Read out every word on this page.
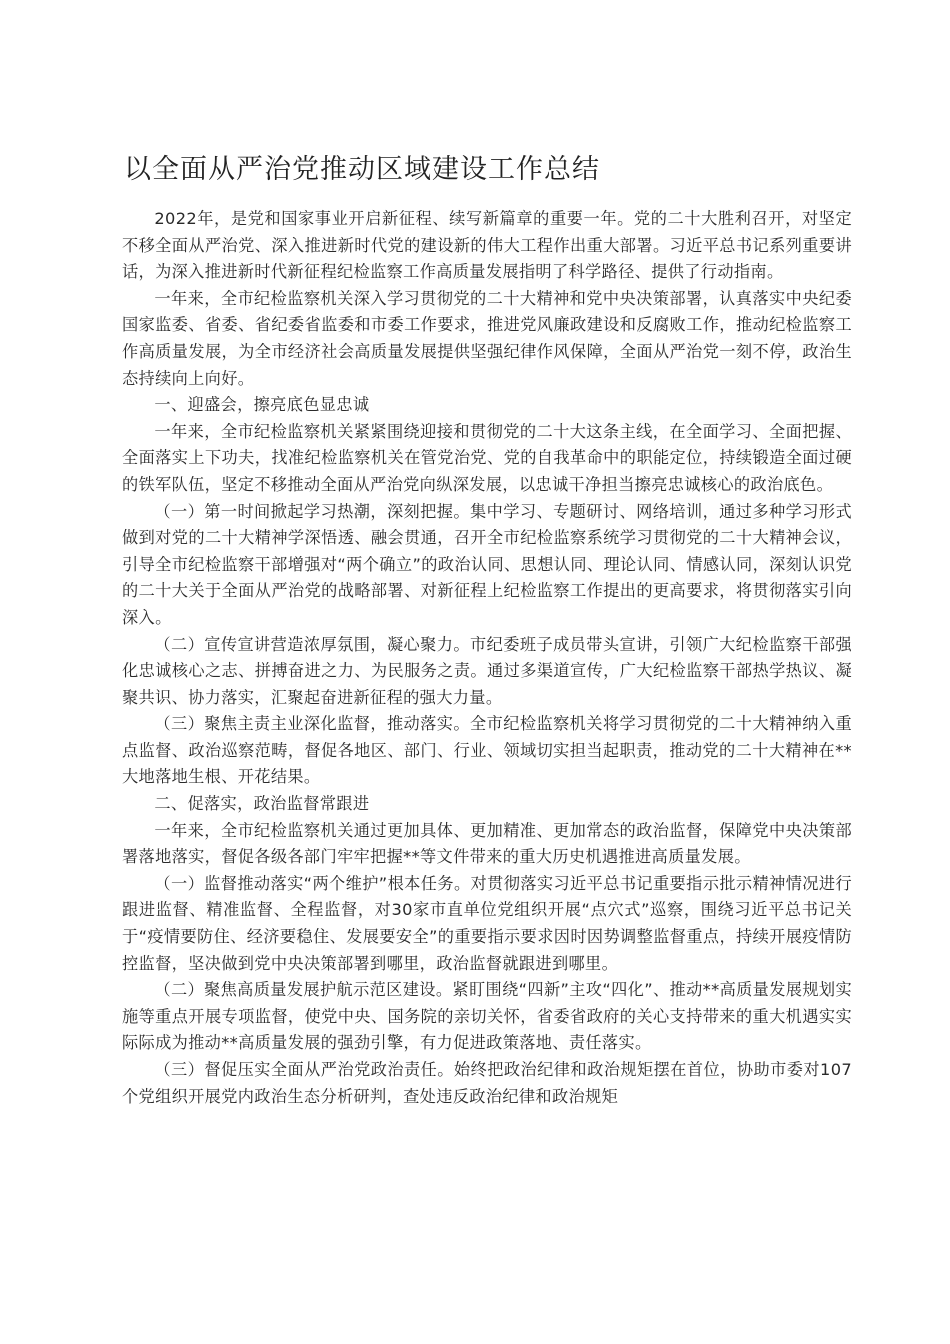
以全面从严治党推动区域建设工作总结

2022年，是党和国家事业开启新征程、续写新篇章的重要一年。党的二十大胜利召开，对坚定不移全面从严治党、深入推进新时代党的建设新的伟大工程作出重大部署。习近平总书记系列重要讲话，为深入推进新时代新征程纪检监察工作高质量发展指明了科学路径、提供了行动指南。

一年来，全市纪检监察机关深入学习贯彻党的二十大精神和党中央决策部署，认真落实中央纪委国家监委、省委、省纪委省监委和市委工作要求，推进党风廉政建设和反腐败工作，推动纪检监察工作高质量发展，为全市经济社会高质量发展提供坚强纪律作风保障，全面从严治党一刻不停，政治生态持续向上向好。

一、迎盛会，擦亮底色显忠诚

一年来，全市纪检监察机关紧紧围绕迎接和贯彻党的二十大这条主线，在全面学习、全面把握、全面落实上下功夫，找准纪检监察机关在管党治党、党的自我革命中的职能定位，持续锻造全面过硬的铁军队伍，坚定不移推动全面从严治党向纵深发展，以忠诚干净担当擦亮忠诚核心的政治底色。

（一）第一时间掀起学习热潮，深刻把握。集中学习、专题研讨、网络培训，通过多种学习形式做到对党的二十大精神学深悟透、融会贯通，召开全市纪检监察系统学习贯彻党的二十大精神会议，引导全市纪检监察干部增强对“两个确立”的政治认同、思想认同、理论认同、情感认同，深刻认识党的二十大关于全面从严治党的战略部署、对新征程上纪检监察工作提出的更高要求，将贯彻落实引向深入。

（二）宣传宣讲营造浓厚氛围，凝心聚力。市纪委班子成员带头宣讲，引领广大纪检监察干部强化忠诚核心之志、拼搏奋进之力、为民服务之责。通过多渠道宣传，广大纪检监察干部热学热议、凝聚共识、协力落实，汇聚起奋进新征程的强大力量。

（三）聚焦主责主业深化监督，推动落实。全市纪检监察机关将学习贯彻党的二十大精神纳入重点监督、政治巡察范畴，督促各地区、部门、行业、领域切实担当起职责，推动党的二十大精神在**大地落地生根、开花结果。

二、促落实，政治监督常跟进

一年来，全市纪检监察机关通过更加具体、更加精准、更加常态的政治监督，保障党中央决策部署落地落实，督促各级各部门牢牢把握**等文件带来的重大历史机遇推进高质量发展。

（一）监督推动落实“两个维护”根本任务。对贯彻落实习近平总书记重要指示批示精神情况进行跟进监督、精准监督、全程监督，对30家市直单位党组织开展“点穴式”巡察，围绕习近平总书记关于“疫情要防住、经济要稳住、发展要安全”的重要指示要求因时因势调整监督重点，持续开展疫情防控监督，坚决做到党中央决策部署到哪里，政治监督就跟进到哪里。

（二）聚焦高质量发展护航示范区建设。紧盯围绕“四新”主攻“四化”、推动**高质量发展规划实施等重点开展专项监督，使党中央、国务院的亲切关怀，省委省政府的关心支持带来的重大机遇实实际际成为推动**高质量发展的强劲引擎，有力促进政策落地、责任落实。

（三）督促压实全面从严治党政治责任。始终把政治纪律和政治规矩摆在首位，协助市委对107个党组织开展党内政治生态分析研判，查处违反政治纪律和政治规矩
